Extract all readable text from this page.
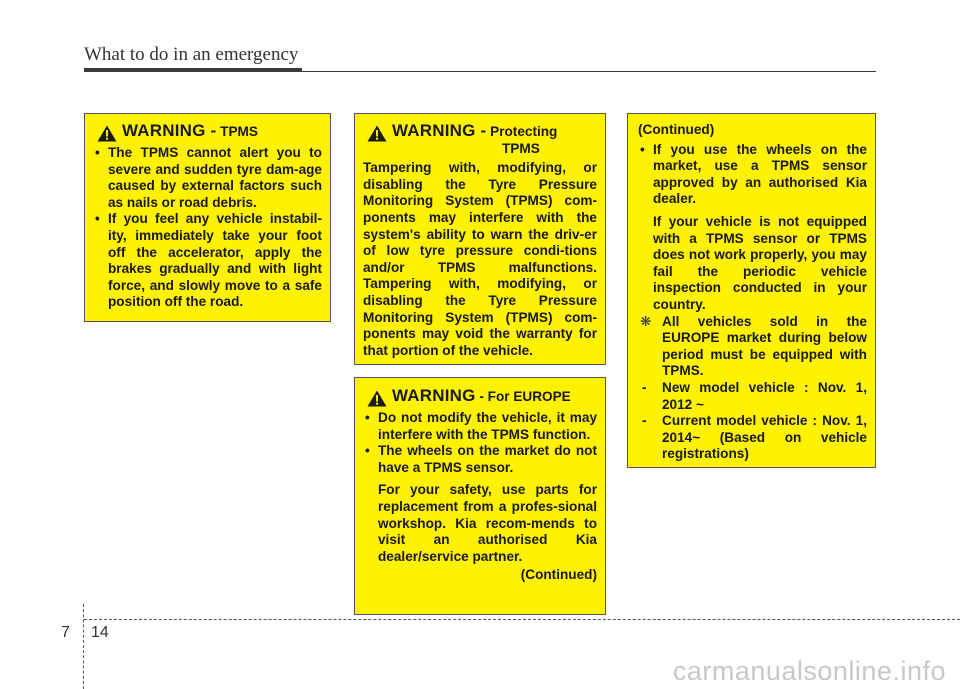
What to do in an emergency
WARNING - TPMS

• The TPMS cannot alert you to severe and sudden tyre dam-age caused by external factors such as nails or road debris.

• If you feel any vehicle instabil-ity, immediately take your foot off the accelerator, apply the brakes gradually and with light force, and slowly move to a safe position off the road.

WARNING - Protecting
TPMS

Tampering with, modifying, or disabling the Tyre Pressure Monitoring System (TPMS) com-ponents may interfere with the system's ability to warn the driv-er of low tyre pressure condi-tions and/or TPMS malfunctions. Tampering with, modifying, or disabling the Tyre Pressure Monitoring System (TPMS) com-ponents may void the warranty for that portion of the vehicle.

WARNING - For EUROPE

• Do not modify the vehicle, it may interfere with the TPMS function.

• The wheels on the market do not have a TPMS sensor.
For your safety, use parts for replacement from a profes-sional workshop. Kia recom-mends to visit an authorised Kia dealer/service partner.

(Continued)

(Continued)

• If you use the wheels on the market, use a TPMS sensor approved by an authorised Kia dealer.
If your vehicle is not equipped with a TPMS sensor or TPMS does not work properly, you may fail the periodic vehicle inspection conducted in your country.

❋ All vehicles sold in the EUROPE market during below period must be equipped with TPMS.

- New model vehicle : Nov. 1, 2012 ~

- Current model vehicle : Nov. 1, 2014~ (Based on vehicle registrations)

7 14
carmanualsonline.info
